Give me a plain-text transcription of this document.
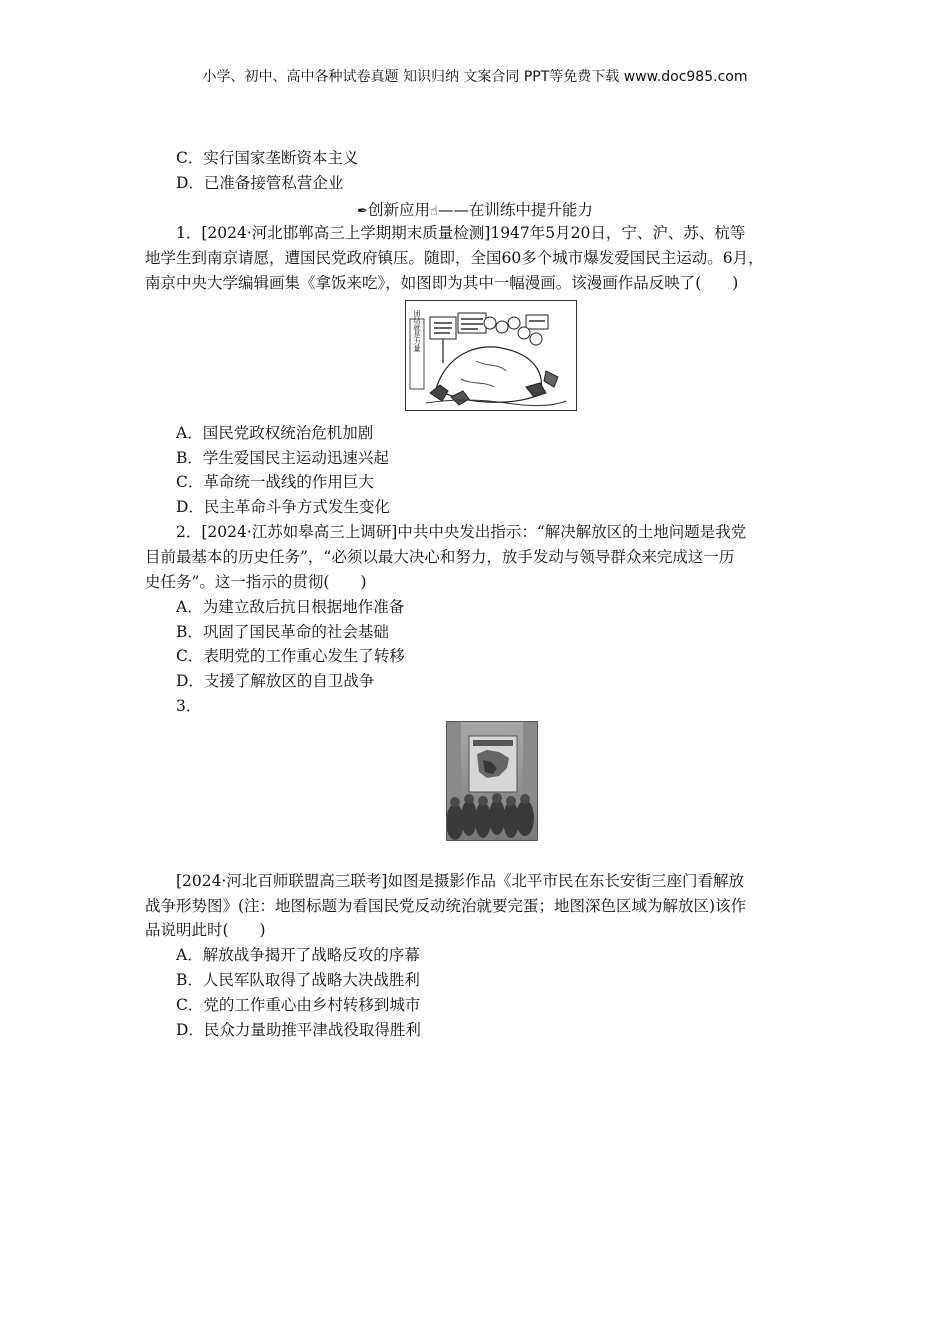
小学、初中、高中各种试卷真题 知识归纳 文案合同 PPT等免费下载 www.doc985.com
C．实行国家垄断资本主义
D．已准备接管私营企业
✒创新应用☝——在训练中提升能力
1．[2024·河北邯郸高三上学期期末质量检测]1947年5月20日，宁、沪、苏、杭等
地学生到南京请愿，遭国民党政府镇压。随即，全国60多个城市爆发爱国民主运动。6月，
南京中央大学编辑画集《拿饭来吃》，如图即为其中一幅漫画。该漫画作品反映了(　　)
团结就是力量
A．国民党政权统治危机加剧
B．学生爱国民主运动迅速兴起
C．革命统一战线的作用巨大
D．民主革命斗争方式发生变化
2．[2024·江苏如皋高三上调研]中共中央发出指示：“解决解放区的土地问题是我党
目前最基本的历史任务”，“必须以最大决心和努力，放手发动与领导群众来完成这一历
史任务”。这一指示的贯彻(　　)
A．为建立敌后抗日根据地作准备
B．巩固了国民革命的社会基础
C．表明党的工作重心发生了转移
D．支援了解放区的自卫战争
3．
[2024·河北百师联盟高三联考]如图是摄影作品《北平市民在东长安街三座门看解放
战争形势图》(注：地图标题为看国民党反动统治就要完蛋；地图深色区域为解放区)该作
品说明此时(　　)
A．解放战争揭开了战略反攻的序幕
B．人民军队取得了战略大决战胜利
C．党的工作重心由乡村转移到城市
D．民众力量助推平津战役取得胜利
